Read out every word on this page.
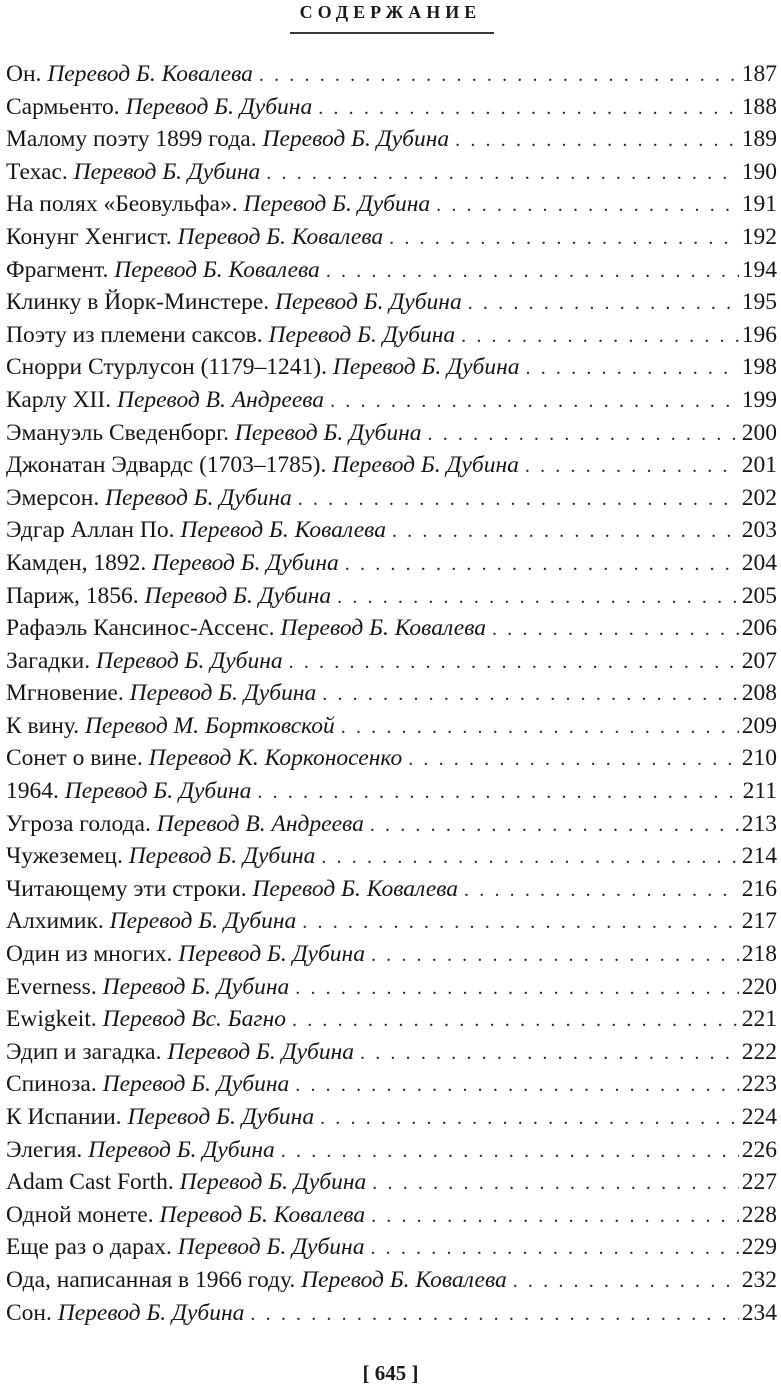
СОДЕРЖАНИЕ
Он. Перевод Б. Ковалева . . .	187
Сармьенто. Перевод Б. Дубина . . .	188
Малому поэту 1899 года. Перевод Б. Дубина . . .	189
Техас. Перевод Б. Дубина . . .	190
На полях «Беовульфа». Перевод Б. Дубина . . .	191
Конунг Хенгист. Перевод Б. Ковалева . . .	192
Фрагмент. Перевод Б. Ковалева . . .	194
Клинку в Йорк-Минстере. Перевод Б. Дубина . . .	195
Поэту из племени саксов. Перевод Б. Дубина . . .	196
Снорри Стурлусон (1179–1241). Перевод Б. Дубина . . .	198
Карлу XII. Перевод В. Андреева . . .	199
Эмануэль Сведенборг. Перевод Б. Дубина . . .	200
Джонатан Эдвардс (1703–1785). Перевод Б. Дубина . . .	201
Эмерсон. Перевод Б. Дубина . . .	202
Эдгар Аллан По. Перевод Б. Ковалева . . .	203
Камден, 1892. Перевод Б. Дубина . . .	204
Париж, 1856. Перевод Б. Дубина . . .	205
Рафаэль Кансинос-Ассенс. Перевод Б. Ковалева . . .	206
Загадки. Перевод Б. Дубина . . .	207
Мгновение. Перевод Б. Дубина . . .	208
К вину. Перевод М. Бортковской . . .	209
Сонет о вине. Перевод К. Корконосенко . . .	210
1964. Перевод Б. Дубина . . .	211
Угроза голода. Перевод В. Андреева . . .	213
Чужеземец. Перевод Б. Дубина . . .	214
Читающему эти строки. Перевод Б. Ковалева . . .	216
Алхимик. Перевод Б. Дубина . . .	217
Один из многих. Перевод Б. Дубина . . .	218
Everness. Перевод Б. Дубина . . .	220
Ewigkeit. Перевод Вс. Багно . . .	221
Эдип и загадка. Перевод Б. Дубина . . .	222
Спиноза. Перевод Б. Дубина . . .	223
К Испании. Перевод Б. Дубина . . .	224
Элегия. Перевод Б. Дубина . . .	226
Adam Cast Forth. Перевод Б. Дубина . . .	227
Одной монете. Перевод Б. Ковалева . . .	228
Еще раз о дарах. Перевод Б. Дубина . . .	229
Ода, написанная в 1966 году. Перевод Б. Ковалева . . .	232
Сон. Перевод Б. Дубина . . .	234
[ 645 ]
